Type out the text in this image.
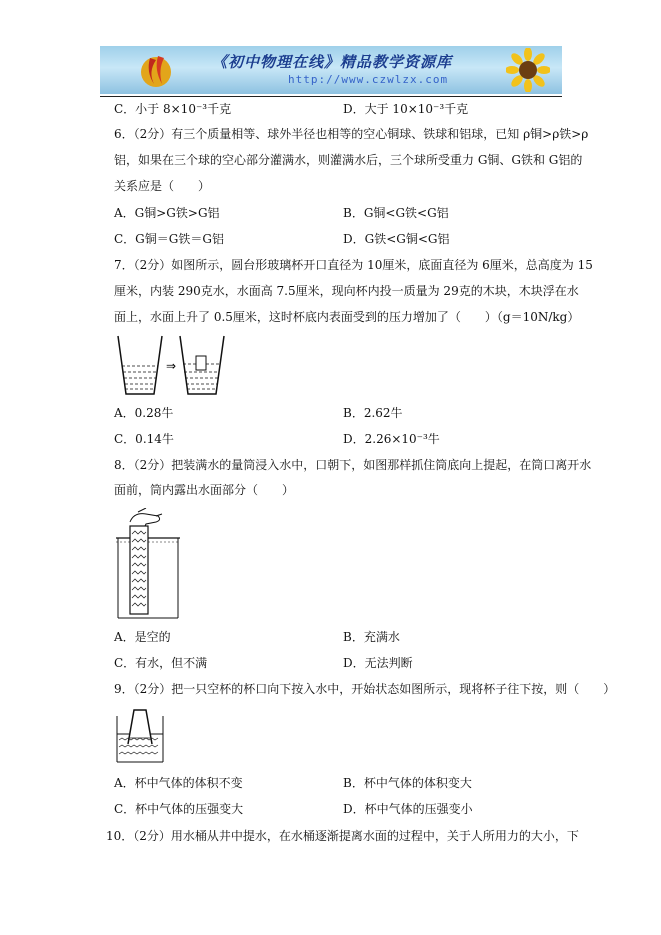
《初中物理在线》精品教学资源库
http://www.czwlzx.com
C．小于 8×10⁻³千克	D．大于 10×10⁻³千克
6．（2分）有三个质量相等、球外半径也相等的空心铜球、铁球和铝球，已知 ρ铜>ρ铁>ρ
铝，如果在三个球的空心部分灌满水，则灌满水后，三个球所受重力 G铜、G铁和 G铝的
关系应是（　　）
A．G铜>G铁>G铝	B．G铜<G铁<G铝
C．G铜＝G铁＝G铝	D．G铁<G铜<G铝
7．（2分）如图所示，圆台形玻璃杯开口直径为 10厘米，底面直径为 6厘米，总高度为 15
厘米，内装 290克水，水面高 7.5厘米，现向杯内投一质量为 29克的木块，木块浮在水
面上，水面上升了 0.5厘米，这时杯底内表面受到的压力增加了（　　）（g＝10N/kg）
⇒
A．0.28牛	B．2.62牛
C．0.14牛	D．2.26×10⁻³牛
8．（2分）把装满水的量筒浸入水中，口朝下，如图那样抓住筒底向上提起，在筒口离开水
面前，筒内露出水面部分（　　）
A．是空的	B．充满水
C．有水，但不满	D．无法判断
9．（2分）把一只空杯的杯口向下按入水中，开始状态如图所示，现将杯子往下按，则（　　）
A．杯中气体的体积不变	B．杯中气体的体积变大
C．杯中气体的压强变大	D．杯中气体的压强变小
10．（2分）用水桶从井中提水，在水桶逐渐提离水面的过程中，关于人所用力的大小，下
